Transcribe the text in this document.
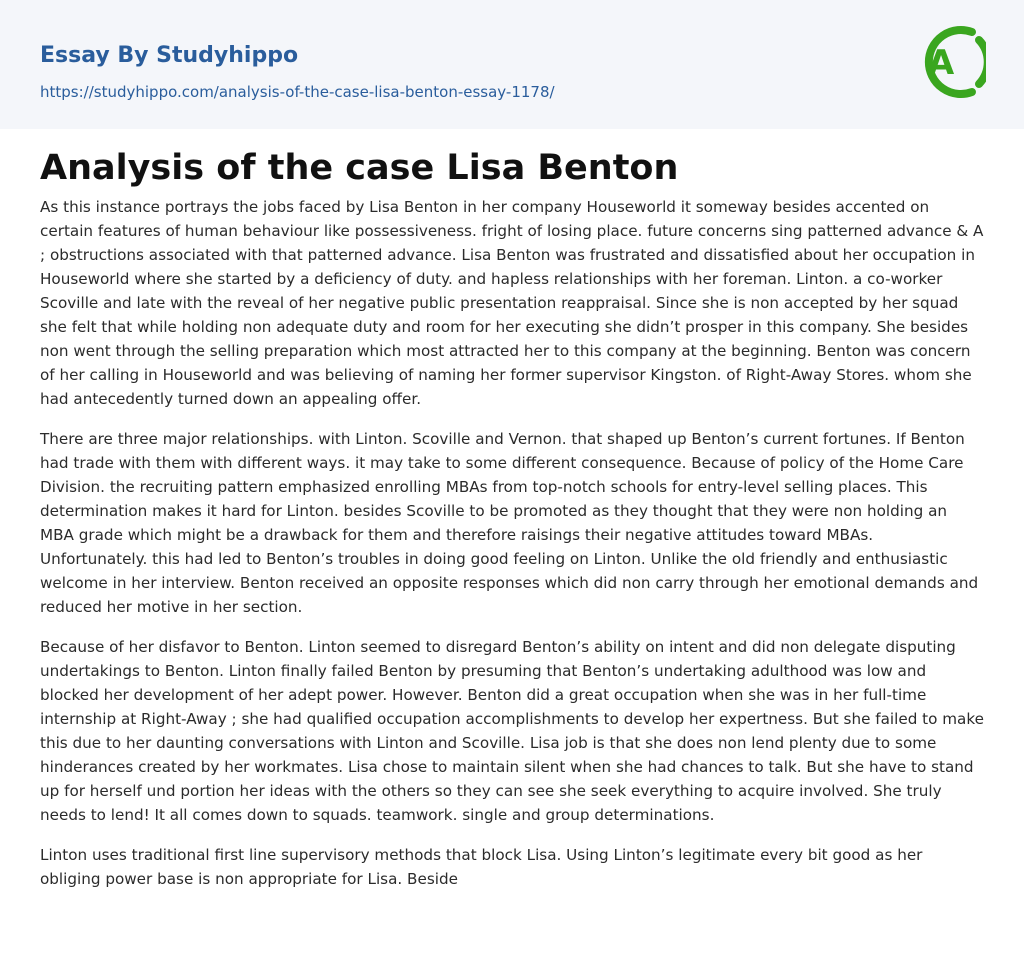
Essay By Studyhippo
https://studyhippo.com/analysis-of-the-case-lisa-benton-essay-1178/
A
Analysis of the case Lisa Benton

As this instance portrays the jobs faced by Lisa Benton in her company Houseworld it someway besides accented on certain features of human behaviour like possessiveness. fright of losing place. future concerns sing patterned advance & A ; obstructions associated with that patterned advance. Lisa Benton was frustrated and dissatisfied about her occupation in Houseworld where she started by a deficiency of duty. and hapless relationships with her foreman. Linton. a co-worker Scoville and late with the reveal of her negative public presentation reappraisal. Since she is non accepted by her squad she felt that while holding non adequate duty and room for her executing she didn’t prosper in this company. She besides non went through the selling preparation which most attracted her to this company at the beginning. Benton was concern of her calling in Houseworld and was believing of naming her former supervisor Kingston. of Right-Away Stores. whom she had antecedently turned down an appealing offer.

There are three major relationships. with Linton. Scoville and Vernon. that shaped up Benton’s current fortunes. If Benton had trade with them with different ways. it may take to some different consequence. Because of policy of the Home Care Division. the recruiting pattern emphasized enrolling MBAs from top-notch schools for entry-level selling places. This determination makes it hard for Linton. besides Scoville to be promoted as they thought that they were non holding an MBA grade which might be a drawback for them and therefore raisings their negative attitudes toward MBAs. Unfortunately. this had led to Benton’s troubles in doing good feeling on Linton. Unlike the old friendly and enthusiastic welcome in her interview. Benton received an opposite responses which did non carry through her emotional demands and reduced her motive in her section.

Because of her disfavor to Benton. Linton seemed to disregard Benton’s ability on intent and did non delegate disputing undertakings to Benton. Linton finally failed Benton by presuming that Benton’s undertaking adulthood was low and blocked her development of her adept power. However. Benton did a great occupation when she was in her full-time internship at Right-Away ; she had qualified occupation accomplishments to develop her expertness. But she failed to make this due to her daunting conversations with Linton and Scoville. Lisa job is that she does non lend plenty due to some hinderances created by her workmates. Lisa chose to maintain silent when she had chances to talk. But she have to stand up for herself und portion her ideas with the others so they can see she seek everything to acquire involved. She truly needs to lend! It all comes down to squads. teamwork. single and group determinations.

Linton uses traditional first line supervisory methods that block Lisa. Using Linton’s legitimate every bit good as her obliging power base is non appropriate for Lisa. Beside
